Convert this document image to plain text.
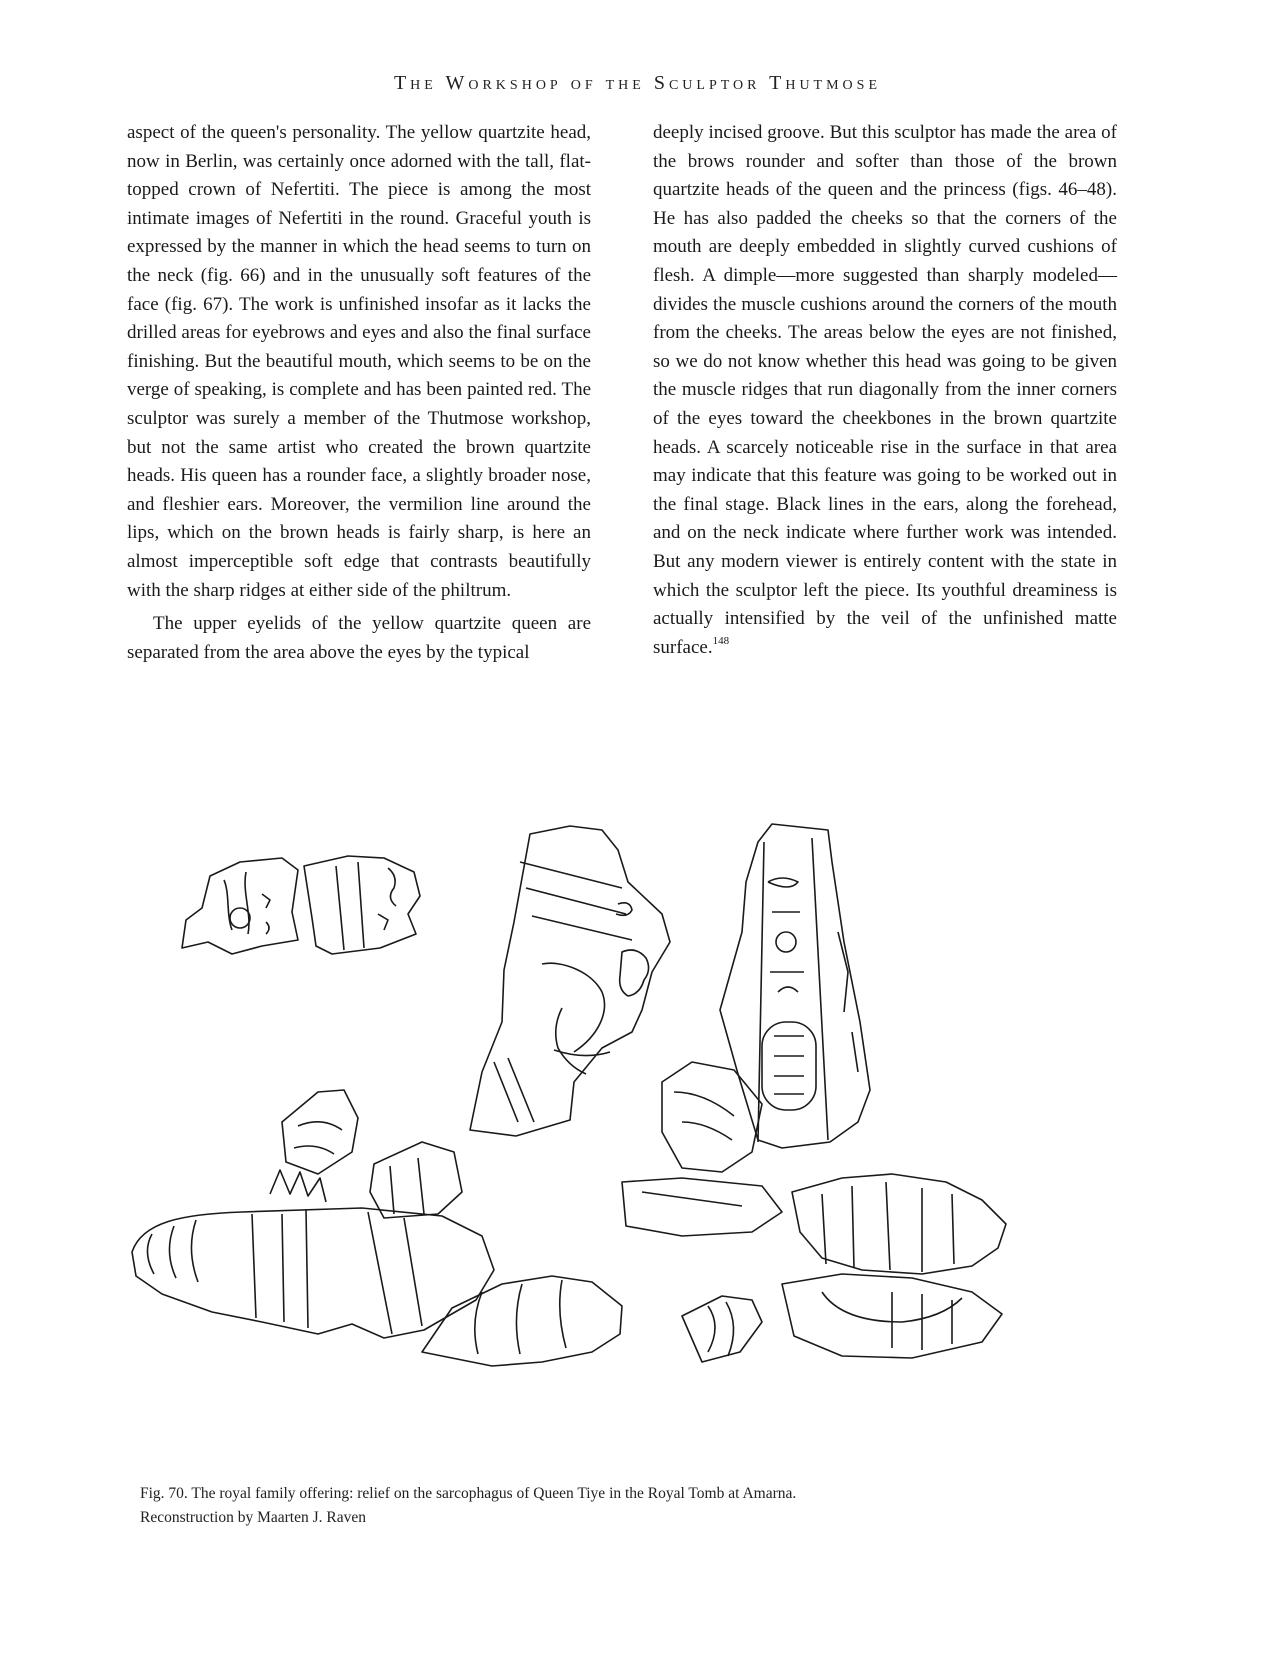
The Workshop of the Sculptor Thutmose

aspect of the queen's personality. The yellow quartzite head, now in Berlin, was certainly once adorned with the tall, flat-topped crown of Nefertiti. The piece is among the most intimate images of Nefertiti in the round. Graceful youth is expressed by the manner in which the head seems to turn on the neck (fig. 66) and in the unusually soft features of the face (fig. 67). The work is unfinished insofar as it lacks the drilled areas for eyebrows and eyes and also the final surface finishing. But the beautiful mouth, which seems to be on the verge of speaking, is complete and has been painted red. The sculptor was surely a member of the Thutmose workshop, but not the same artist who created the brown quartzite heads. His queen has a rounder face, a slightly broader nose, and fleshier ears. Moreover, the vermilion line around the lips, which on the brown heads is fairly sharp, is here an almost imperceptible soft edge that contrasts beautifully with the sharp ridges at either side of the philtrum.

The upper eyelids of the yellow quartzite queen are separated from the area above the eyes by the typical

deeply incised groove. But this sculptor has made the area of the brows rounder and softer than those of the brown quartzite heads of the queen and the princess (figs. 46–48). He has also padded the cheeks so that the corners of the mouth are deeply embedded in slightly curved cushions of flesh. A dimple—more suggested than sharply modeled—divides the muscle cushions around the corners of the mouth from the cheeks. The areas below the eyes are not finished, so we do not know whether this head was going to be given the muscle ridges that run diagonally from the inner corners of the eyes toward the cheekbones in the brown quartzite heads. A scarcely noticeable rise in the surface in that area may indicate that this feature was going to be worked out in the final stage. Black lines in the ears, along the forehead, and on the neck indicate where further work was intended. But any modern viewer is entirely content with the state in which the sculptor left the piece. Its youthful dreaminess is actually intensified by the veil of the unfinished matte surface.$^{148}$

Fig. 70. The royal family offering: relief on the sarcophagus of Queen Tiye in the Royal Tomb at Amarna.
Reconstruction by Maarten J. Raven
